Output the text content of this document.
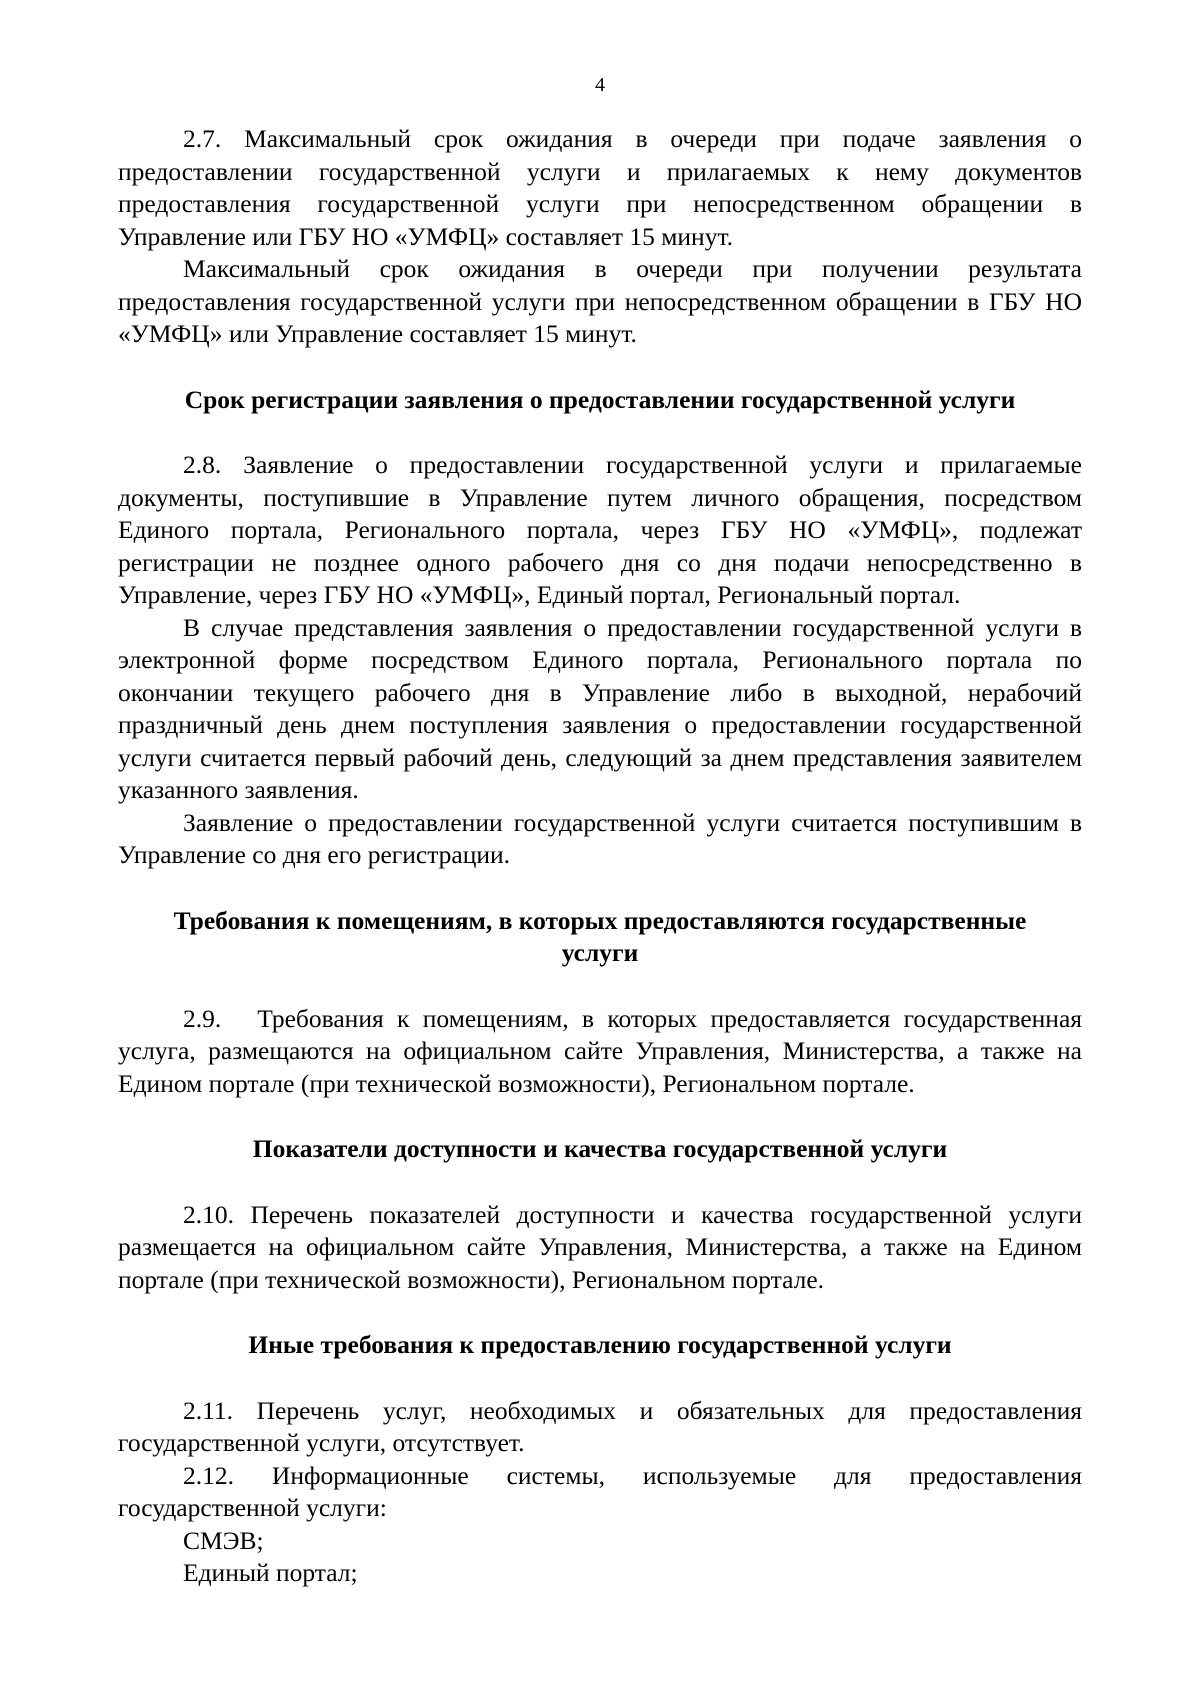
4

2.7. Максимальный срок ожидания в очереди при подаче заявления о предоставлении государственной услуги и прилагаемых к нему документов предоставления государственной услуги при непосредственном обращении в Управление или ГБУ НО «УМФЦ» составляет 15 минут.

Максимальный срок ожидания в очереди при получении результата предоставления государственной услуги при непосредственном обращении в ГБУ НО «УМФЦ» или Управление составляет 15 минут.

Срок регистрации заявления о предоставлении государственной услуги

2.8. Заявление о предоставлении государственной услуги и прилагаемые документы, поступившие в Управление путем личного обращения, посредством Единого портала, Регионального портала, через ГБУ НО «УМФЦ», подлежат регистрации не позднее одного рабочего дня со дня подачи непосредственно в Управление, через ГБУ НО «УМФЦ», Единый портал, Региональный портал.

В случае представления заявления о предоставлении государственной услуги в электронной форме посредством Единого портала, Регионального портала по окончании текущего рабочего дня в Управление либо в выходной, нерабочий праздничный день днем поступления заявления о предоставлении государственной услуги считается первый рабочий день, следующий за днем представления заявителем указанного заявления.

Заявление о предоставлении государственной услуги считается поступившим в Управление со дня его регистрации.

Требования к помещениям, в которых предоставляются государственные
услуги

2.9. Требования к помещениям, в которых предоставляется государственная услуга, размещаются на официальном сайте Управления, Министерства, а также на Едином портале (при технической возможности), Региональном портале.

Показатели доступности и качества государственной услуги

2.10. Перечень показателей доступности и качества государственной услуги размещается на официальном сайте Управления, Министерства, а также на Едином портале (при технической возможности), Региональном портале.

Иные требования к предоставлению государственной услуги

2.11. Перечень услуг, необходимых и обязательных для предоставления государственной услуги, отсутствует.

2.12. Информационные системы, используемые для предоставления государственной услуги:

СМЭВ;

Единый портал;
